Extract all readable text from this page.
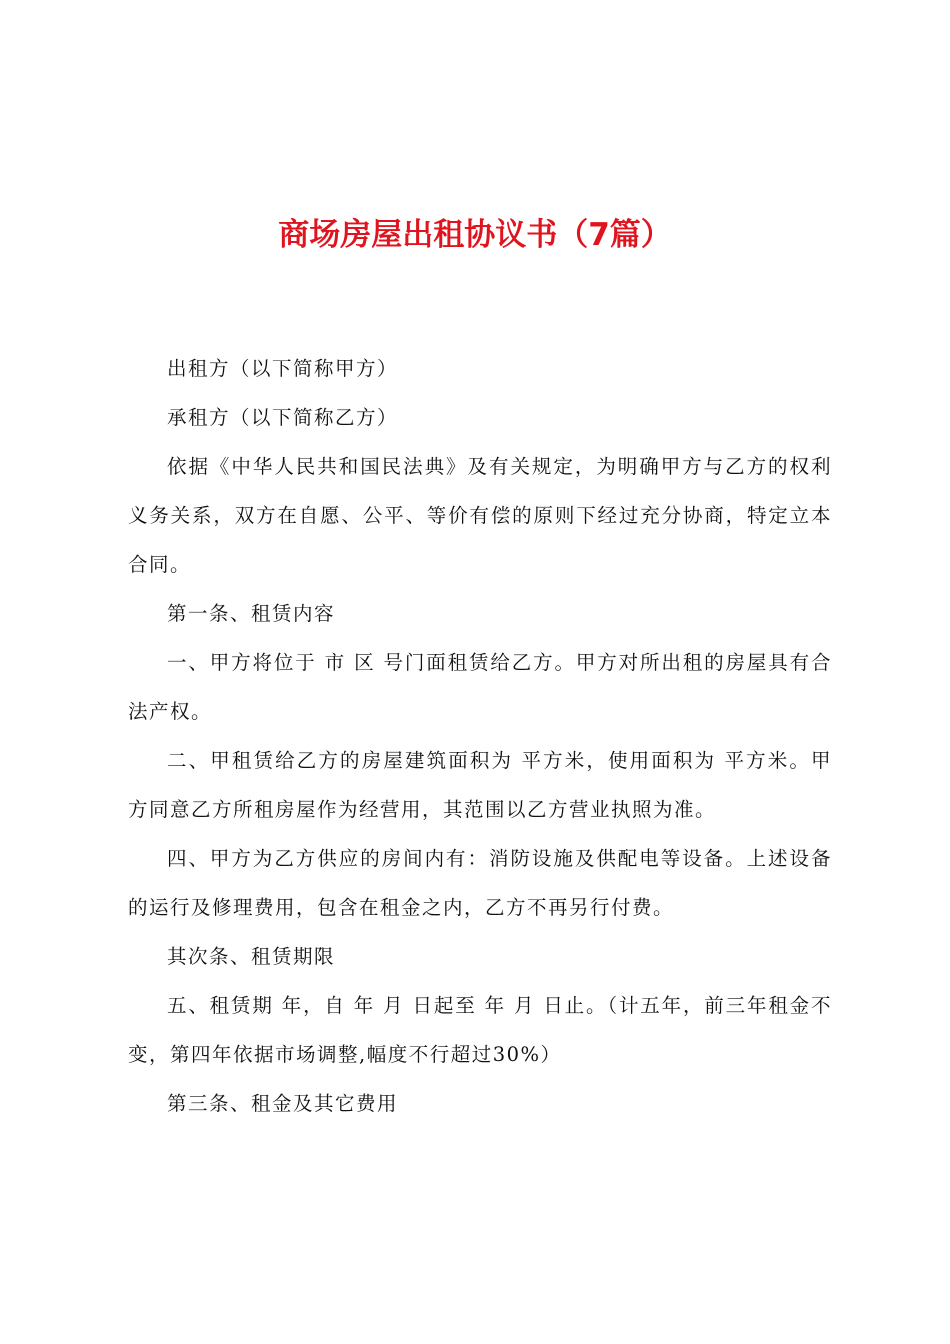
商场房屋出租协议书（7篇）

出租方（以下简称甲方）

承租方（以下简称乙方）

依据《中华人民共和国民法典》及有关规定，为明确甲方与乙方的权利义务关系，双方在自愿、公平、等价有偿的原则下经过充分协商，特定立本合同。

第一条、租赁内容

一、甲方将位于 市 区 号门面租赁给乙方。甲方对所出租的房屋具有合法产权。

二、甲租赁给乙方的房屋建筑面积为 平方米，使用面积为 平方米。甲方同意乙方所租房屋作为经营用，其范围以乙方营业执照为准。

四、甲方为乙方供应的房间内有：消防设施及供配电等设备。上述设备的运行及修理费用，包含在租金之内，乙方不再另行付费。

其次条、租赁期限

五、租赁期 年，自 年 月 日起至 年 月 日止。（计五年，前三年租金不变，第四年依据市场调整,幅度不行超过30%）

第三条、租金及其它费用
